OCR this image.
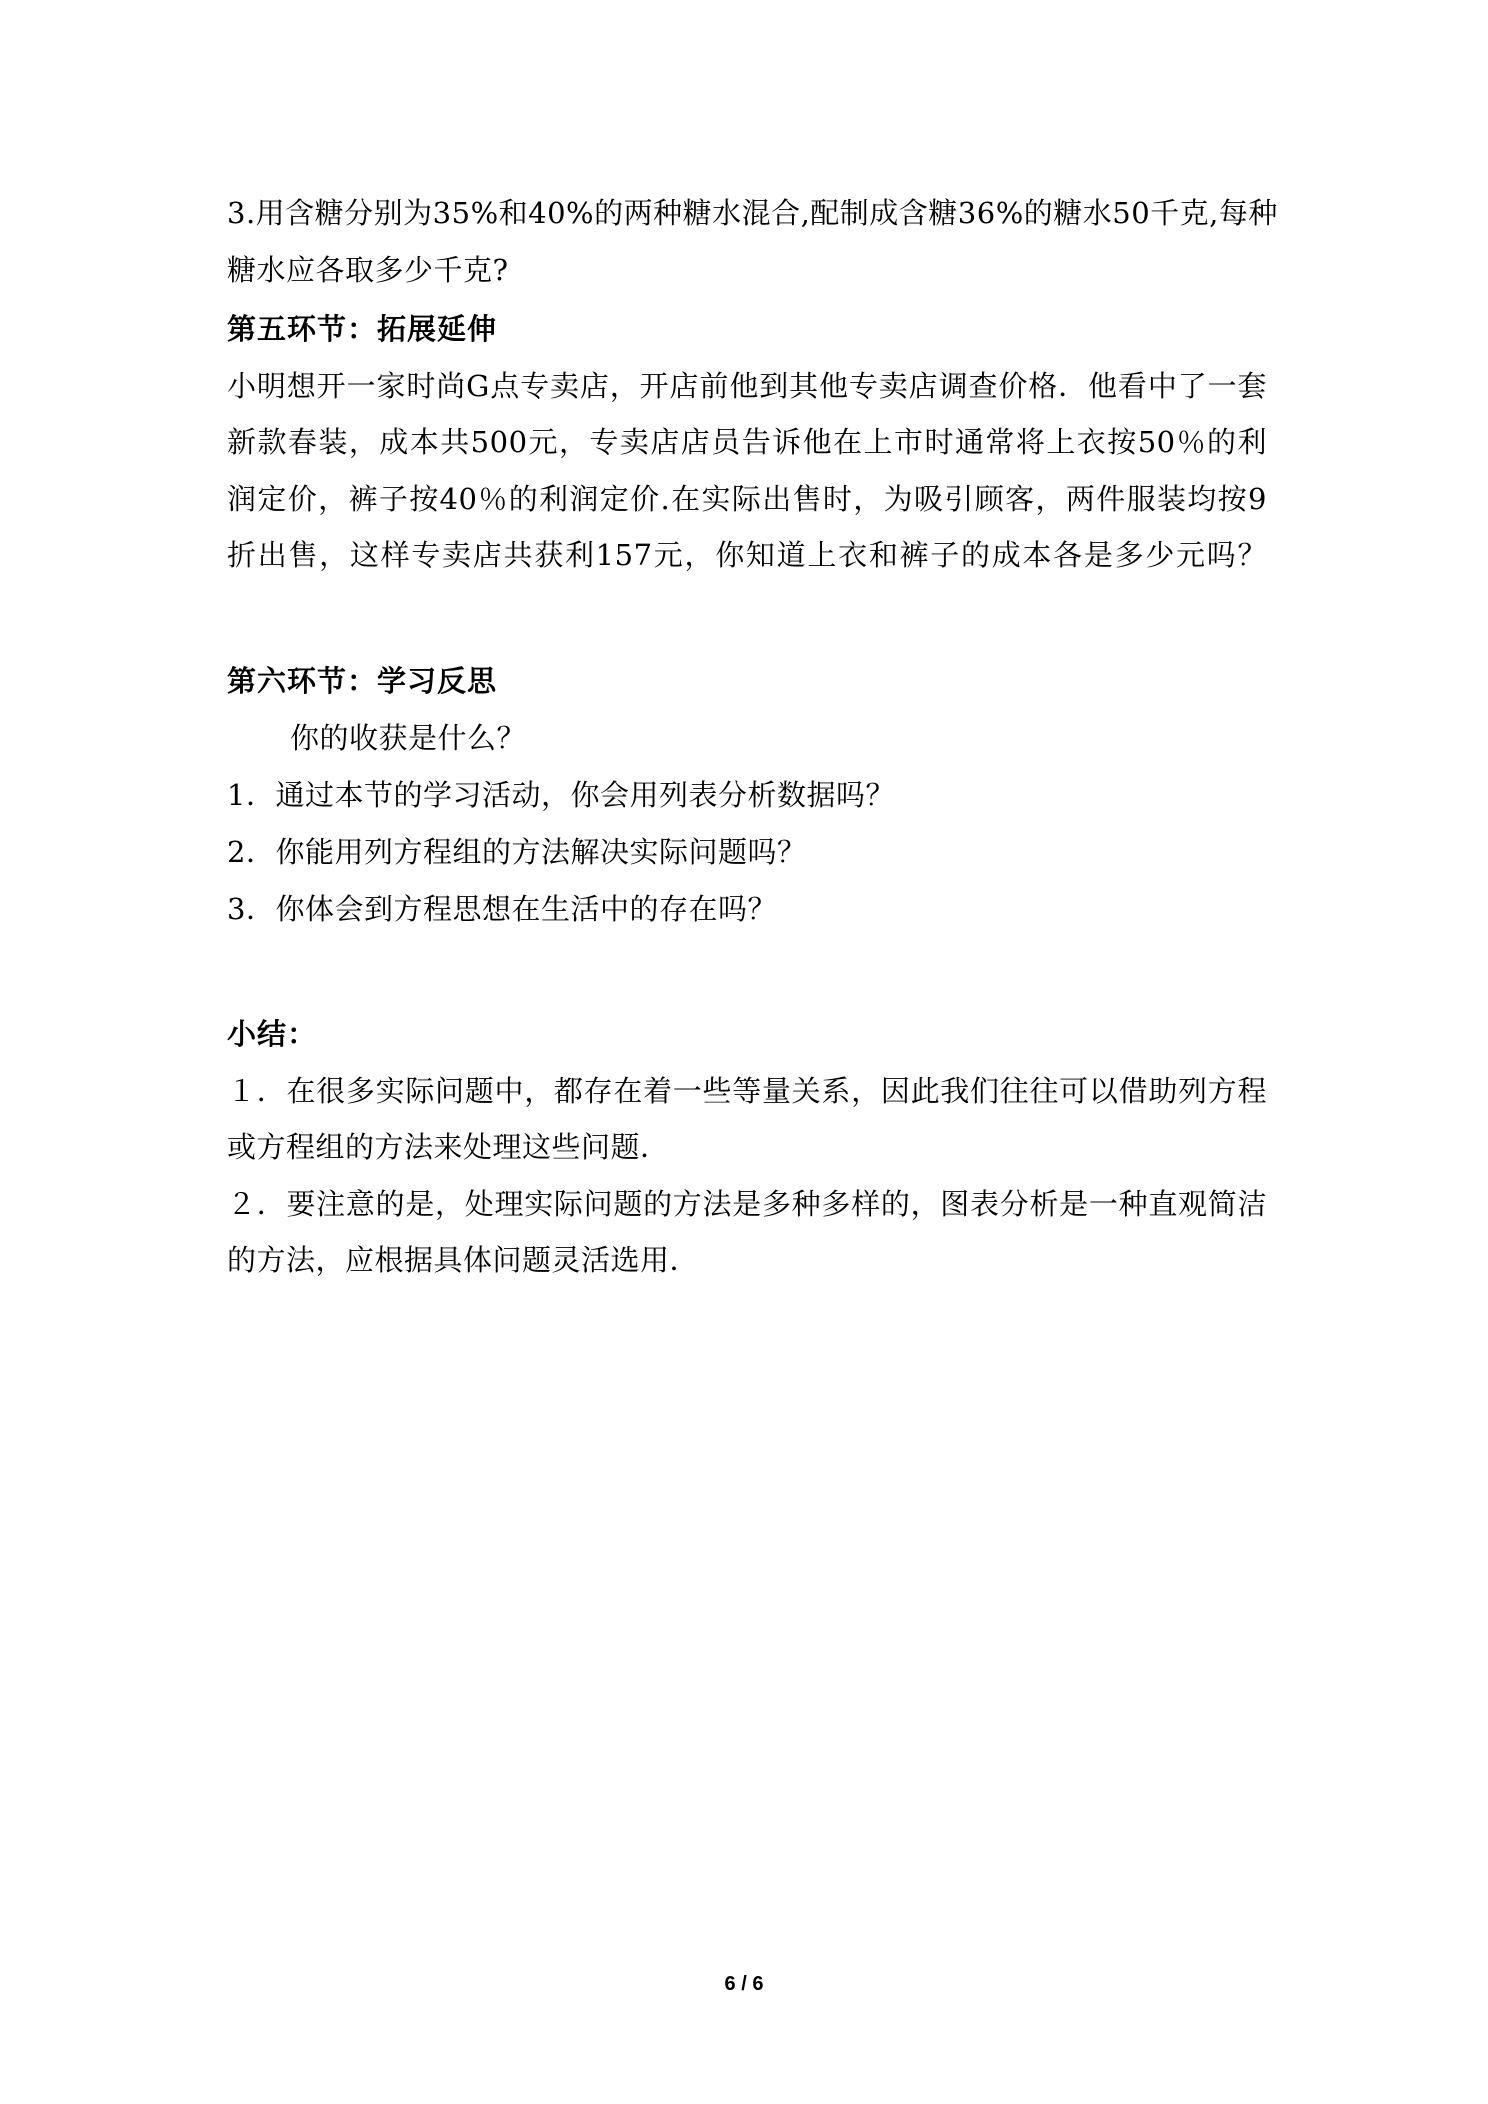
3.用含糖分别为35%和40%的两种糖水混合,配制成含糖36%的糖水50千克,每种
糖水应各取多少千克?
第五环节：拓展延伸
小明想开一家时尚G点专卖店，开店前他到其他专卖店调查价格．他看中了一套
新款春装，成本共500元，专卖店店员告诉他在上市时通常将上衣按50％的利
润定价，裤子按40％的利润定价.在实际出售时，为吸引顾客，两件服装均按9
折出售，这样专卖店共获利157元，你知道上衣和裤子的成本各是多少元吗？
第六环节：学习反思
你的收获是什么？
1．通过本节的学习活动，你会用列表分析数据吗？
2．你能用列方程组的方法解决实际问题吗？
3．你体会到方程思想在生活中的存在吗？
小结：
１．在很多实际问题中，都存在着一些等量关系，因此我们往往可以借助列方程
或方程组的方法来处理这些问题．
２．要注意的是，处理实际问题的方法是多种多样的，图表分析是一种直观简洁
的方法，应根据具体问题灵活选用．
6 / 6
